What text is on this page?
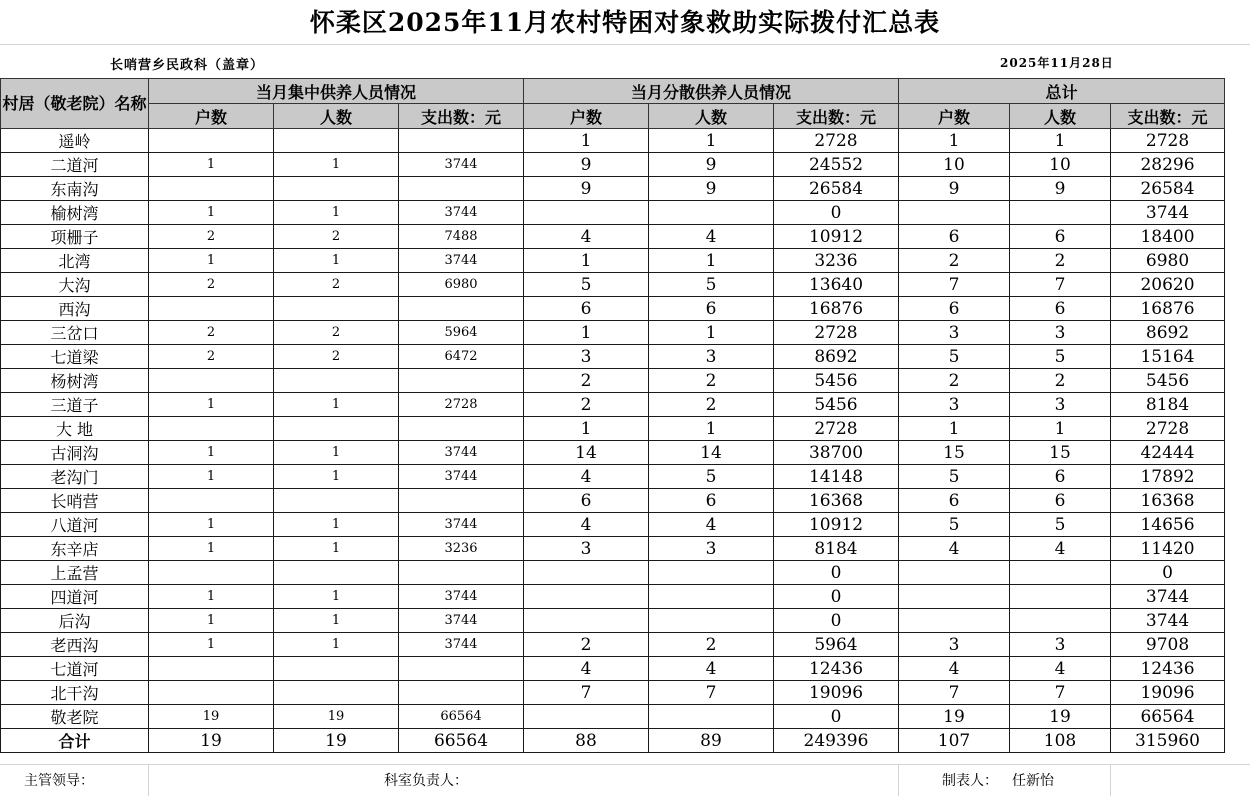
怀柔区2025年11月农村特困对象救助实际拨付汇总表
长哨营乡民政科（盖章）	2025年11月28日
村居（敬老院）名称	当月集中供养人员情况			当月分散供养人员情况			总计		
	户数	人数	支出数：元	户数	人数	支出数：元	户数	人数	支出数：元
遥岭				1	1	2728	1	1	2728
二道河	1	1	3744	9	9	24552	10	10	28296
东南沟				9	9	26584	9	9	26584
榆树湾	1	1	3744			0			3744
项栅子	2	2	7488	4	4	10912	6	6	18400
北湾	1	1	3744	1	1	3236	2	2	6980
大沟	2	2	6980	5	5	13640	7	7	20620
西沟				6	6	16876	6	6	16876
三岔口	2	2	5964	1	1	2728	3	3	8692
七道梁	2	2	6472	3	3	8692	5	5	15164
杨树湾				2	2	5456	2	2	5456
三道子	1	1	2728	2	2	5456	3	3	8184
大 地				1	1	2728	1	1	2728
古洞沟	1	1	3744	14	14	38700	15	15	42444
老沟门	1	1	3744	4	5	14148	5	6	17892
长哨营				6	6	16368	6	6	16368
八道河	1	1	3744	4	4	10912	5	5	14656
东辛店	1	1	3236	3	3	8184	4	4	11420
上孟营						0			0
四道河	1	1	3744			0			3744
后沟	1	1	3744			0			3744
老西沟	1	1	3744	2	2	5964	3	3	9708
七道河				4	4	12436	4	4	12436
北干沟				7	7	19096	7	7	19096
敬老院	19	19	66564			0	19	19	66564
合计	19	19	66564	88	89	249396	107	108	315960
主管领导：	科室负责人：	制表人： 任新怡
